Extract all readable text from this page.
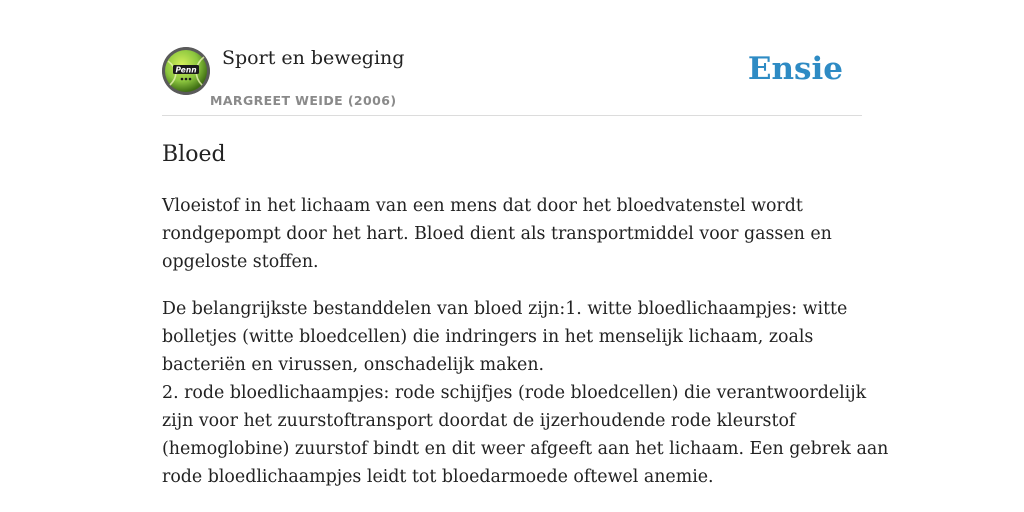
Penn
Sport en beweging
MARGREET WEIDE (2006)
Ensie
Bloed

Vloeistof in het lichaam van een mens dat door het bloedvatenstel wordt
rondgepompt door het hart. Bloed dient als transportmiddel voor gassen en
opgeloste stoffen.

De belangrijkste bestanddelen van bloed zijn:1. witte bloedlichaampjes: witte
bolletjes (witte bloedcellen) die indringers in het menselijk lichaam, zoals
bacteriën en virussen, onschadelijk maken.
2. rode bloedlichaampjes: rode schijfjes (rode bloedcellen) die verantwoordelijk
zijn voor het zuurstoftransport doordat de ijzerhoudende rode kleurstof
(hemoglobine) zuurstof bindt en dit weer afgeeft aan het lichaam. Een gebrek aan
rode bloedlichaampjes leidt tot bloedarmoede oftewel anemie.
